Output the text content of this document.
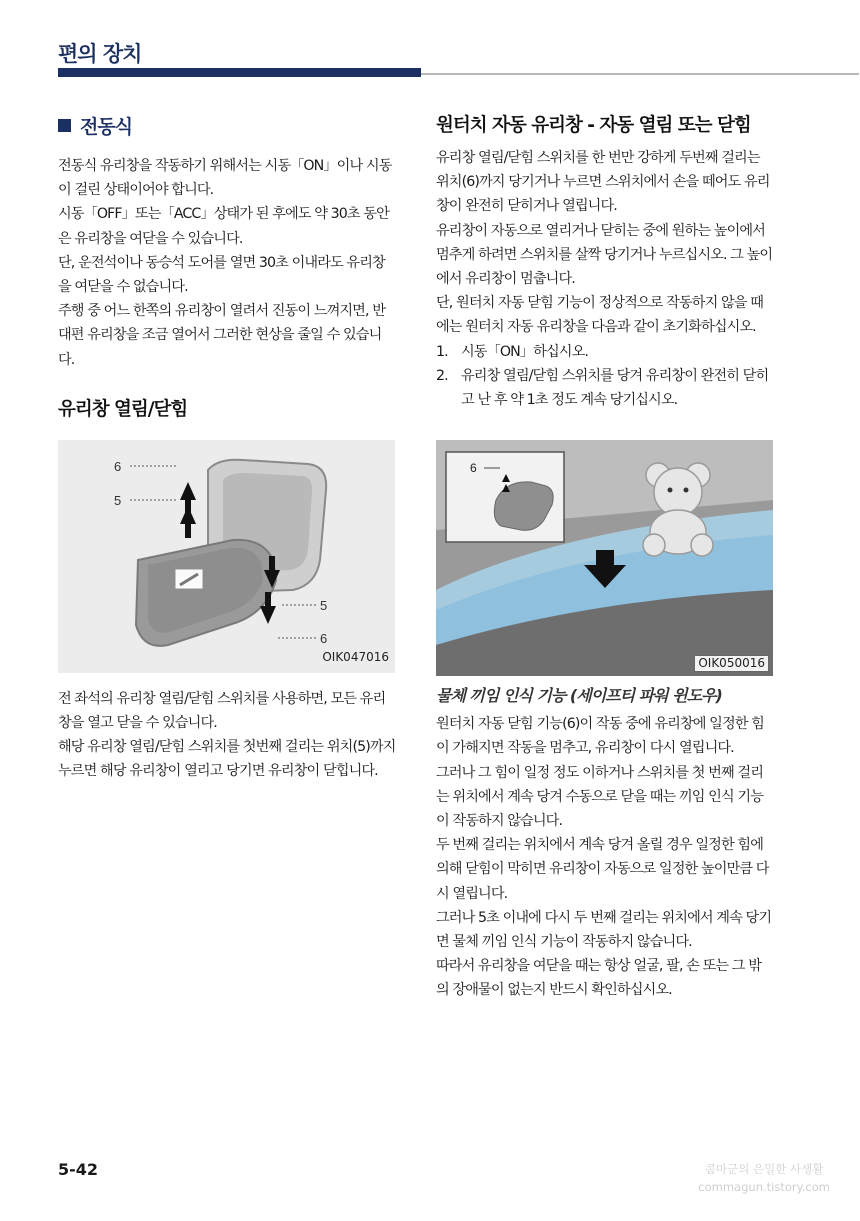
편의 장치
전동식

전동식 유리창을 작동하기 위해서는 시동「ON」이나 시동이 걸린 상태이어야 합니다.

시동「OFF」또는「ACC」상태가 된 후에도 약 30초 동안은 유리창을 여닫을 수 있습니다.

단, 운전석이나 동승석 도어를 열면 30초 이내라도 유리창을 여닫을 수 없습니다.

주행 중 어느 한쪽의 유리창이 열려서 진동이 느껴지면, 반대편 유리창을 조금 열어서 그러한 현상을 줄일 수 있습니다.

유리창 열림/닫힘
6
5
5
6
OIK047016

전 좌석의 유리창 열림/닫힘 스위치를 사용하면, 모든 유리창을 열고 닫을 수 있습니다.

해당 유리창 열림/닫힘 스위치를 첫번째 걸리는 위치(5)까지 누르면 해당 유리창이 열리고 당기면 유리창이 닫힙니다.

원터치 자동 유리창 - 자동 열림 또는 닫힘

유리창 열림/닫힘 스위치를 한 번만 강하게 두번째 걸리는 위치(6)까지 당기거나 누르면 스위치에서 손을 떼어도 유리창이 완전히 닫히거나 열립니다.

유리창이 자동으로 열리거나 닫히는 중에 원하는 높이에서 멈추게 하려면 스위치를 살짝 당기거나 누르십시오. 그 높이에서 유리창이 멈춥니다.

단, 원터치 자동 닫힘 기능이 정상적으로 작동하지 않을 때에는 원터치 자동 유리창을 다음과 같이 초기화하십시오.

1. 시동「ON」하십시오.
2. 유리창 열림/닫힘 스위치를 당겨 유리창이 완전히 닫히고 난 후 약 1초 정도 계속 당기십시오.
6
OIK050016
물체 끼임 인식 기능 (세이프티 파워 윈도우)

원터치 자동 닫힘 기능(6)이 작동 중에 유리창에 일정한 힘이 가해지면 작동을 멈추고, 유리창이 다시 열립니다.

그러나 그 힘이 일정 정도 이하거나 스위치를 첫 번째 걸리는 위치에서 계속 당겨 수동으로 닫을 때는 끼임 인식 기능이 작동하지 않습니다.

두 번째 걸리는 위치에서 계속 당겨 올릴 경우 일정한 힘에 의해 닫힘이 막히면 유리창이 자동으로 일정한 높이만큼 다시 열립니다.

그러나 5초 이내에 다시 두 번째 걸리는 위치에서 계속 당기면 물체 끼임 인식 기능이 작동하지 않습니다.

따라서 유리창을 여닫을 때는 항상 얼굴, 팔, 손 또는 그 밖의 장애물이 없는지 반드시 확인하십시오.

5-42	콤마군의 은밀한 사생활
commagun.tistory.com
